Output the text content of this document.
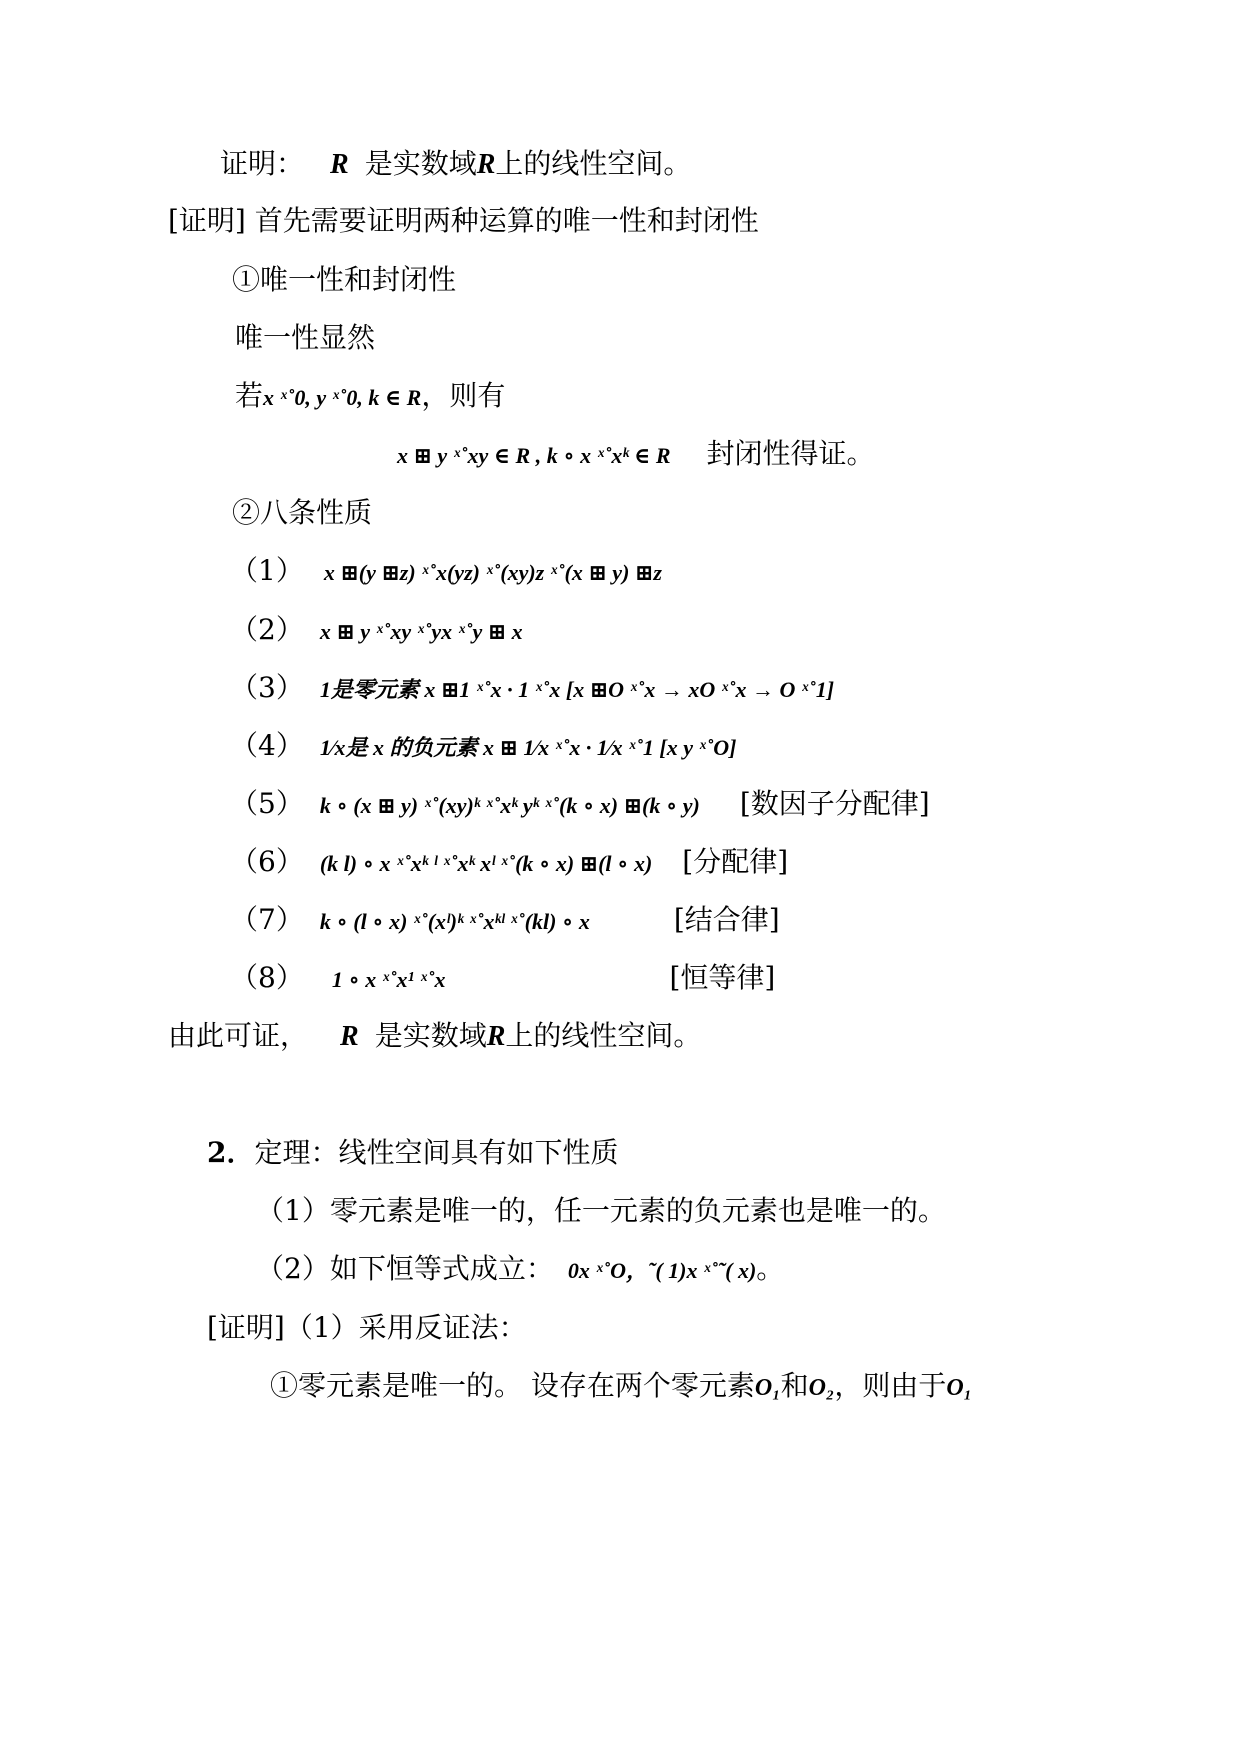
证明： R 是实数域R上的线性空间。
[证明] 首先需要证明两种运算的唯一性和封闭性
①唯一性和封闭性
唯一性显然
若x ˣ˚0, y ˣ˚0, k ∈ R，则有
x ⊞ y ˣ˚xy ∈ R , k ∘ x ˣ˚xᵏ ∈ R 封闭性得证。
②八条性质
（1） x ⊞(y ⊞z) ˣ˚x(yz) ˣ˚(xy)z ˣ˚(x ⊞ y) ⊞z
（2） x ⊞ y ˣ˚xy ˣ˚yx ˣ˚y ⊞ x
（3） 1是零元素 x ⊞1 ˣ˚x · 1 ˣ˚x [x ⊞O ˣ˚x → xO ˣ˚x → O ˣ˚1]
（4） 1⁄x是 x 的负元素 x ⊞ 1⁄x ˣ˚x · 1⁄x ˣ˚1 [x y ˣ˚O]
（5） k ∘ (x ⊞ y) ˣ˚(xy)ᵏ ˣ˚xᵏ yᵏ ˣ˚(k ∘ x) ⊞(k ∘ y) [数因子分配律]
（6） (k l) ∘ x ˣ˚xᵏ ˡ ˣ˚xᵏ xˡ ˣ˚(k ∘ x) ⊞(l ∘ x) [分配律]
（7） k ∘ (l ∘ x) ˣ˚(xˡ)ᵏ ˣ˚xᵏˡ ˣ˚(kl) ∘ x	[结合律]
（8） 1 ∘ x ˣ˚x¹ ˣ˚x	[恒等律]
由此可证， R 是实数域R上的线性空间。
2．定理：线性空间具有如下性质
（1）零元素是唯一的，任一元素的负元素也是唯一的。
（2）如下恒等式成立： 0x ˣ˚O，˜( 1)x ˣ˚˜( x)。
[证明]（1）采用反证法：
①零元素是唯一的。 设存在两个零元素O₁和O₂，则由于O₁
